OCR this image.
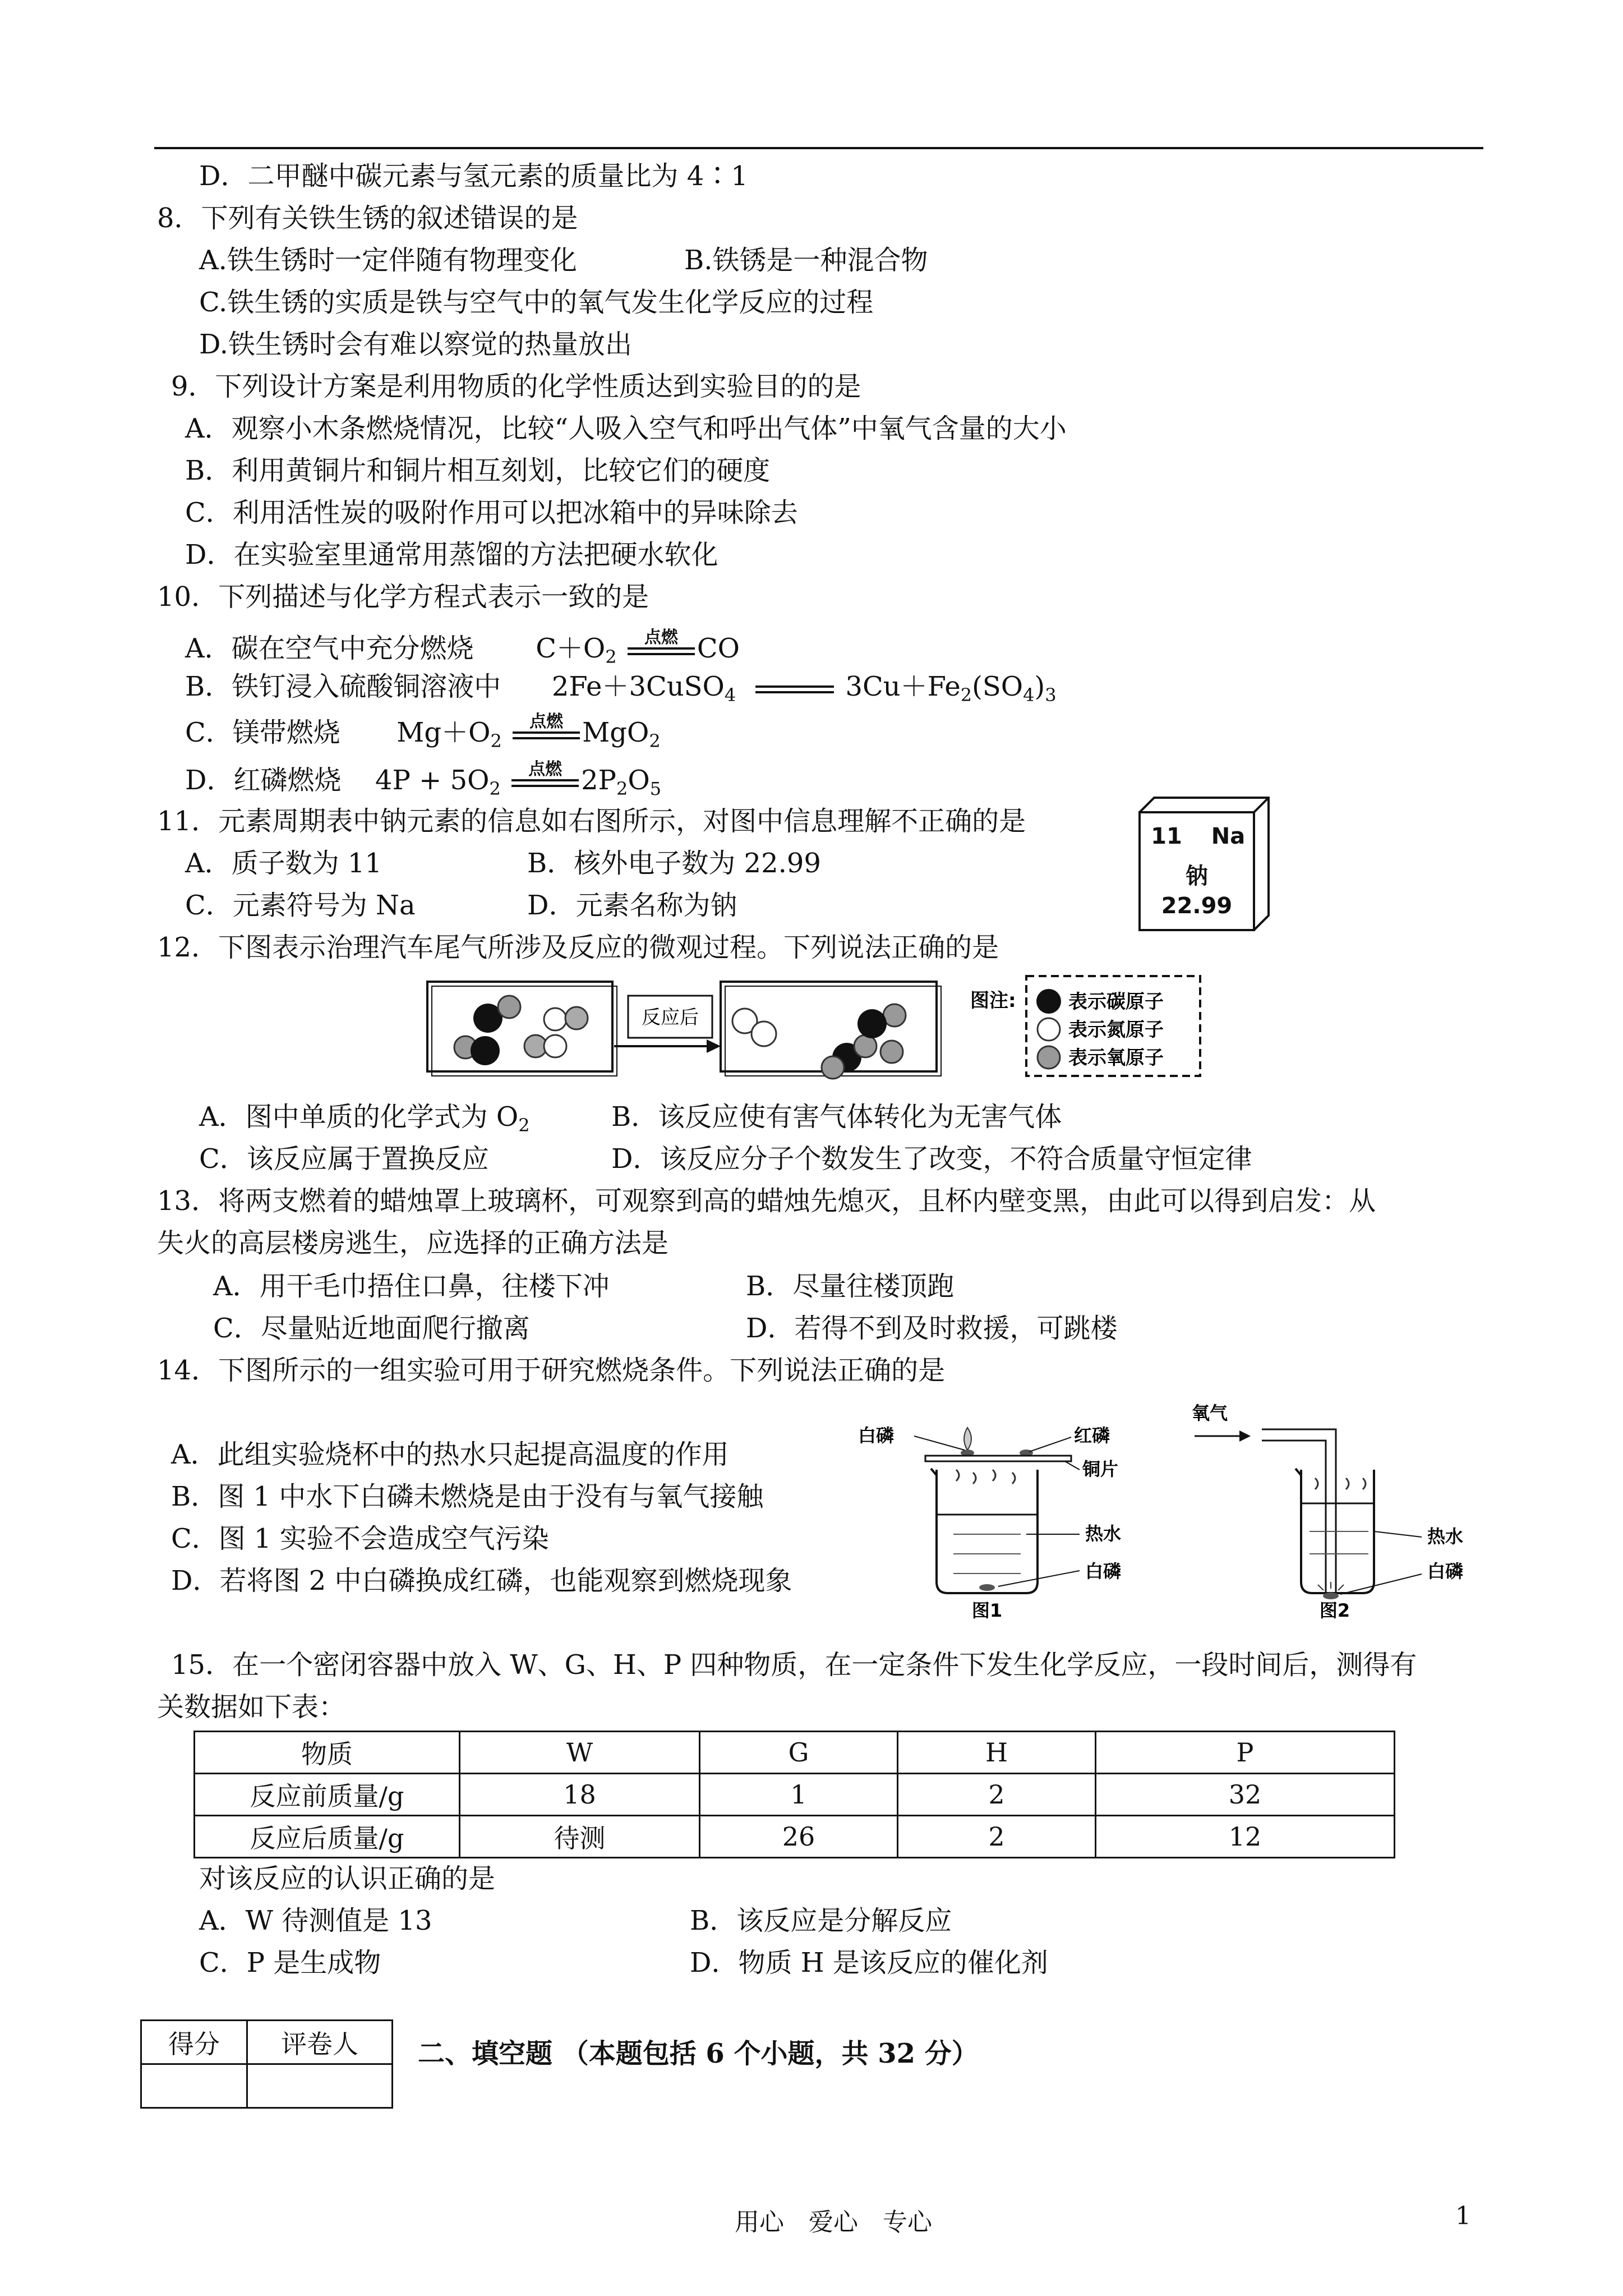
D．二甲醚中碳元素与氢元素的质量比为 4∶1
8．下列有关铁生锈的叙述错误的是
A.铁生锈时一定伴随有物理变化	B.铁锈是一种混合物
C.铁生锈的实质是铁与空气中的氧气发生化学反应的过程
D.铁生锈时会有难以察觉的热量放出
9．下列设计方案是利用物质的化学性质达到实验目的的是
A．观察小木条燃烧情况，比较“人吸入空气和呼出气体”中氧气含量的大小
B．利用黄铜片和铜片相互刻划，比较它们的硬度
C．利用活性炭的吸附作用可以把冰箱中的异味除去
D．在实验室里通常用蒸馏的方法把硬水软化
10．下列描述与化学方程式表示一致的是
A．碳在空气中充分燃烧 $C+O_2$
点燃 CO
B．铁钉浸入硫酸铜溶液中 2Fe＋3CuSO$_4$	$3Cu+Fe_2(SO_4)_3$
C．镁带燃烧 $Mg+O_2$
点燃 MgO$_2$
D．红磷燃烧 $4P + 5O_2$
点燃 $2P_2O_5$
11．元素周期表中钠元素的信息如右图所示，对图中信息理解不正确的是
A．质子数为 11	B．核外电子数为 22.99
C．元素符号为 Na	D．元素名称为钠
11 Na
钠
22.99
12．下图表示治理汽车尾气所涉及反应的微观过程。下列说法正确的是
反应后
图注:	表示碳原子
表示氮原子
表示氧原子
A．图中单质的化学式为 $O_2$	B．该反应使有害气体转化为无害气体
C．该反应属于置换反应	D．该反应分子个数发生了改变，不符合质量守恒定律
13．将两支燃着的蜡烛罩上玻璃杯，可观察到高的蜡烛先熄灭，且杯内壁变黑，由此可以得到启发：从
失火的高层楼房逃生，应选择的正确方法是
A．用干毛巾捂住口鼻，往楼下冲	B．尽量往楼顶跑
C．尽量贴近地面爬行撤离	D．若得不到及时救援，可跳楼
14．下图所示的一组实验可用于研究燃烧条件。下列说法正确的是
A．此组实验烧杯中的热水只起提高温度的作用
B．图 1 中水下白磷未燃烧是由于没有与氧气接触
C．图 1 实验不会造成空气污染
D．若将图 2 中白磷换成红磷，也能观察到燃烧现象
白磷	红磷
铜片
热水
白磷
图1
氧气
热水
白磷
图2
15．在一个密闭容器中放入 W、G、H、P 四种物质，在一定条件下发生化学反应，一段时间后，测得有
关数据如下表：
物质	W	G	H	P
反应前质量/g	18	1	2	32
反应后质量/g	待测	26	2	12
对该反应的认识正确的是
A．W 待测值是 13	B．该反应是分解反应
C．P 是生成物	D．物质 H 是该反应的催化剂
得分	评卷人
	二、填空题 （本题包括 6 个小题，共 32 分）
用心　爱心　专心	1
